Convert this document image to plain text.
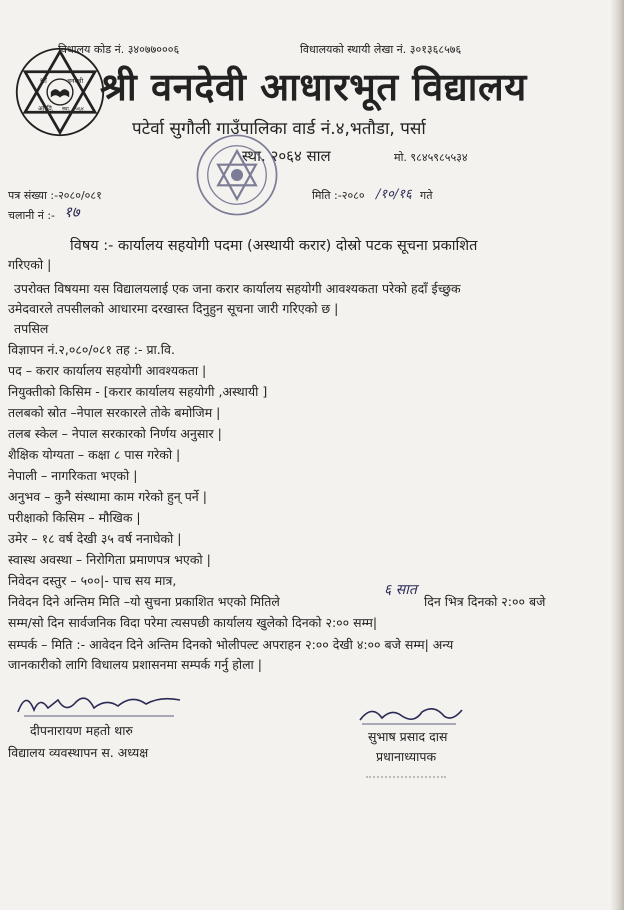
श्री	वनदेवी
आ.वि. स्था. २०६४
विधालय कोड नं. ३४०७७०००६	विधालयको स्थायी लेखा नं. ३०१३६८५७६
श्री वनदेवी आधारभूत विद्यालय
पटेर्वा सुगौली गाउँपालिका वार्ड नं.४,भतौडा, पर्सा
स्था. २०६४ साल	मो. ९८४५९८५५३४
पत्र संख्या :-२०८०/०८१
चलानी नं :- १७
मिति :-२०८० /१०/१६ गते
विषय :- कार्यालय सहयोगी पदमा (अस्थायी करार) दोस्रो पटक सूचना प्रकाशित
गरिएको |
उपरोक्त विषयमा यस विद्यालयलाई एक जना करार कार्यालय सहयोगी आवश्यकता परेको हदाँ ईच्छुक
उमेदवारले तपसीलको आधारमा दरखास्त दिनुहुन सूचना जारी गरिएको छ |
तपसिल
विज्ञापन नं.२,०८०/०८१ तह :- प्रा.वि.
पद – करार कार्यालय सहयोगी आवश्यकता |
नियुक्तीको किसिम - [करार कार्यालय सहयोगी ,अस्थायी ]
तलबको स्रोत –नेपाल सरकारले तोके बमोजिम |
तलब स्केल – नेपाल सरकारको निर्णय अनुसार |
शैक्षिक योग्यता – कक्षा ८ पास गरेको |
नेपाली – नागरिकता भएको |
अनुभव – कुनै संस्थामा काम गरेको हुन् पर्ने |
परीक्षाको किसिम – मौखिक |
उमेर – १८ वर्ष देखी ३५ वर्ष ननाघेको |
स्वास्थ अवस्था – निरोगिता प्रमाणपत्र भएको |
निवेदन दस्तुर – ५००|- पाच सय मात्र,
निवेदन दिने अन्तिम मिति –यो सुचना प्रकाशित भएको मितिले
६ सात
दिन भित्र दिनको २:०० बजे
सम्म/सो दिन सार्वजनिक विदा परेमा त्यसपछी कार्यालय खुलेको दिनको २:०० सम्म|
सम्पर्क – मिति :- आवेदन दिने अन्तिम दिनको भोलीपल्ट अपराहन २:०० देखी ४:०० बजे सम्म| अन्य
जानकारीको लागि विधालय प्रशासनमा सम्पर्क गर्नु होला |
दीपनारायण महतो थारु
विद्यालय व्यवस्थापन स. अध्यक्ष
सुभाष प्रसाद दास
प्रधानाध्यापक
